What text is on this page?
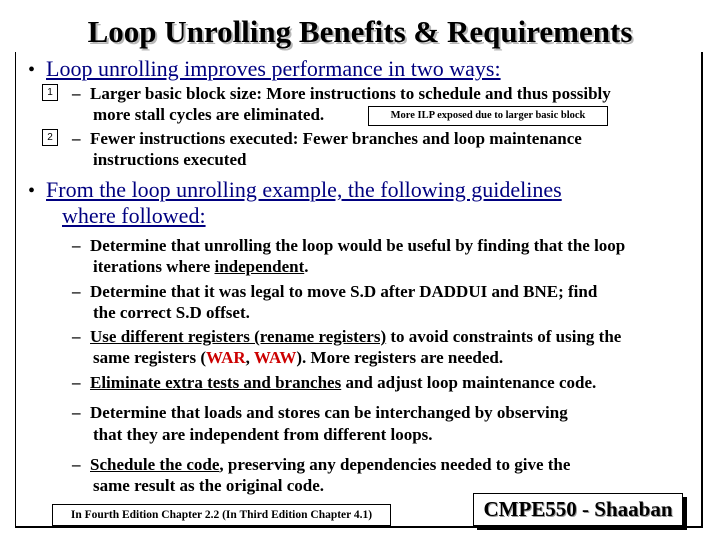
Loop Unrolling Benefits & Requirements
• Loop unrolling improves performance in two ways:
1	– Larger basic block size: More instructions to schedule and thus possibly
more stall cycles are eliminated.	More ILP exposed due to larger basic block
2	– Fewer instructions executed: Fewer branches and loop maintenance
instructions executed
• From the loop unrolling example, the following guidelines
where followed:
– Determine that unrolling the loop would be useful by finding that the loop
iterations where independent.
– Determine that it was legal to move S.D after DADDUI and BNE; find
the correct S.D offset.
– Use different registers (rename registers) to avoid constraints of using the
same registers (WAR, WAW). More registers are needed.
– Eliminate extra tests and branches and adjust loop maintenance code.
– Determine that loads and stores can be interchanged by observing
that they are independent from different loops.
– Schedule the code, preserving any dependencies needed to give the
same result as the original code.
In Fourth Edition Chapter 2.2 (In Third Edition Chapter 4.1)	CMPE550 - Shaaban
